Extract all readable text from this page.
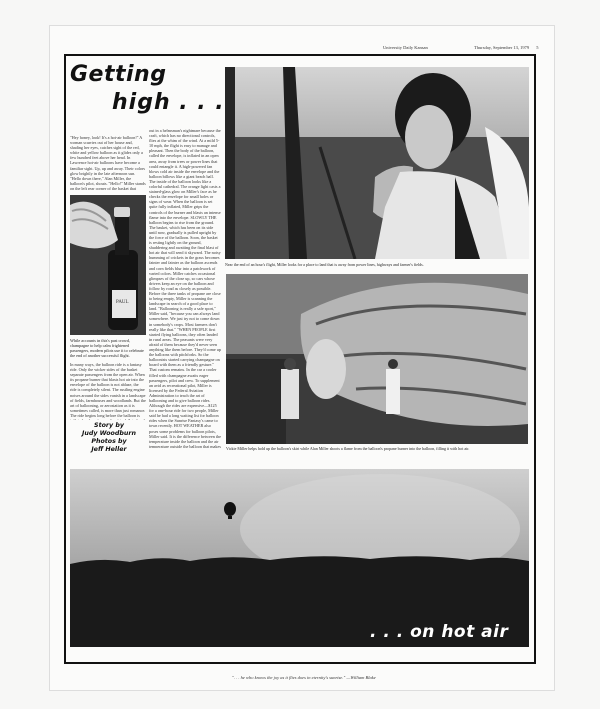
University Daily Kansan	Thursday, September 13, 1979 5
Getting
high . . .
"Hey honey, look! It's a hot-air balloon!" A woman scurries out of her house and, shading her eyes, catches sight of the red, white and yellow balloon as it glides only a few hundred feet above her head. In Lawrence hot-air balloons have become a familiar sight. Up, up and away. Their colors glow brightly in the late afternoon sun. "Hello down there," Alan Miller, the balloon's pilot, shouts. "Hello!" Miller stands on the left rear corner of the basket that
PAUL
While accounts in this's past crowd, champagne to help calm frightened passengers, modern pilots use it to celebrate the end of another successful flight.
In many ways, the balloon ride is a fantasy ride. Only the wicker sides of the basket separate passengers from the open air. When its propane burner that blasts hot air into the envelope of the balloon is not ablaze, the ride is completely silent. The rustling engine noises around the sides vanish in a landscape of fields, farmhouses and woodlands. But the art of ballooning, or aerostation as it is sometimes called, is more than just romance. The ride begins long before the balloon is
Story by
Judy Woodburn
Photos by
Jeff Heller
out in a helmsman's nightmare because the craft, which has no directional controls, flies at the whim of the wind. At a mild 5-10 mph, the flight is easy to manage and pleasant. Then the body of the balloon, called the envelope, is inflated in an open area, away from trees or power lines that could entangle it. A high-powered fan blows cold air inside the envelope and the balloon billows like a giant beach ball. The inside of the balloon looks like a colorful cathedral. The orange light casts a stained-glass glow on Miller's face as he checks the envelope for small holes or signs of wear. When the balloon is set quite fully inflated, Miller grips the controls of the burner and blasts an intense flame into the envelope. SLOWLY THE balloon begins to rise from the ground. The basket, which has been on its side until now, gradually is pulled upright by the force of the balloon. Soon, the basket is resting lightly on the ground, shuddering and awaiting the final blast of hot air that will send it skyward. The noisy humming of crickets in the grass becomes fainter and fainter as the balloon ascends and corn fields blur into a patchwork of varied colors. Miller catches occasional glimpses of the close up, so cars whose drivers keep an eye on the balloon and follow by road as closely as possible. Before the three tanks of propane are close to being empty, Miller is scanning the landscape in search of a good place to land. "Ballooning is really a safe sport," Miller said, "because you can always land somewhere. We just try not to come down in somebody's crops. Most farmers don't really like that." "WHEN PEOPLE first started flying balloons, they often landed in rural areas. The peasants were very afraid of them because they'd never seen anything like them before. They'd come up the balloons with pitchforks. So the balloonists started carrying champagne on board with them as a friendly gesture." That custom remains. In the car a cooler filled with champagne awaits eager passengers, pilot and crew. To supplement an avid as recreational pilot, Miller is licensed by the Federal Aviation Administration to teach the art of ballooning and to give balloon rides. Although the rides are expensive—$125 for a one-hour ride for two people, Miller said he had a long waiting list for balloon rides when the Sunrise Fantasy's came to town recently. HOT WEATHER also poses some problems for balloon pilots, Miller said. It is the difference between the temperature inside the balloon and the air temperature outside the balloon that makes
Near the end of an hour's flight, Miller looks for a place to land that is away from power lines, highways and farmer's fields.
Vickie Miller helps hold up the balloon's skirt while Alan Miller shoots a flame from the balloon's propane burner into the balloon, filling it with hot air.
. . . on hot air
". . . he who knows the joy as it flies does in eternity's sunrise." —William Blake
